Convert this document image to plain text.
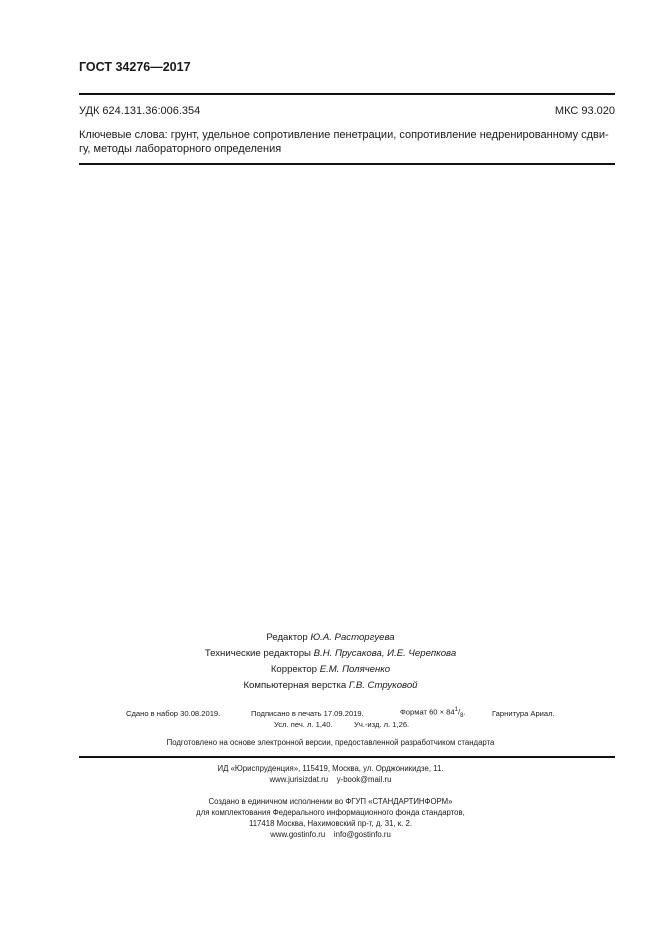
ГОСТ 34276—2017
УДК 624.131.36:006.354	МКС 93.020
Ключевые слова: грунт, удельное сопротивление пенетрации, сопротивление недренированному сдви-
гу, методы лабораторного определения
Редактор Ю.А. Расторгуева
Технические редакторы В.Н. Прусакова, И.Е. Черепкова
Корректор Е.М. Поляченко
Компьютерная верстка Г.В. Струковой
Сдано в набор 30.08.2019.	Подписано в печать 17.09.2019.	Формат $60 \times 84^1/_8$.	Гарнитура Ариал.
Усл. печ. л. 1,40.	Уч.-изд. л. 1,26.
Подготовлено на основе электронной версии, предоставленной разработчиком стандарта
ИД «Юриспруденция», 115419, Москва, ул. Орджоникидзе, 11.
www.jurisizdat.ru y-book@mail.ru
Создано в единичном исполнении во ФГУП «СТАНДАРТИНФОРМ»
для комплектования Федерального информационного фонда стандартов,
117418 Москва, Нахимовский пр-т, д. 31, к. 2.
www.gostinfo.ru info@gostinfo.ru
